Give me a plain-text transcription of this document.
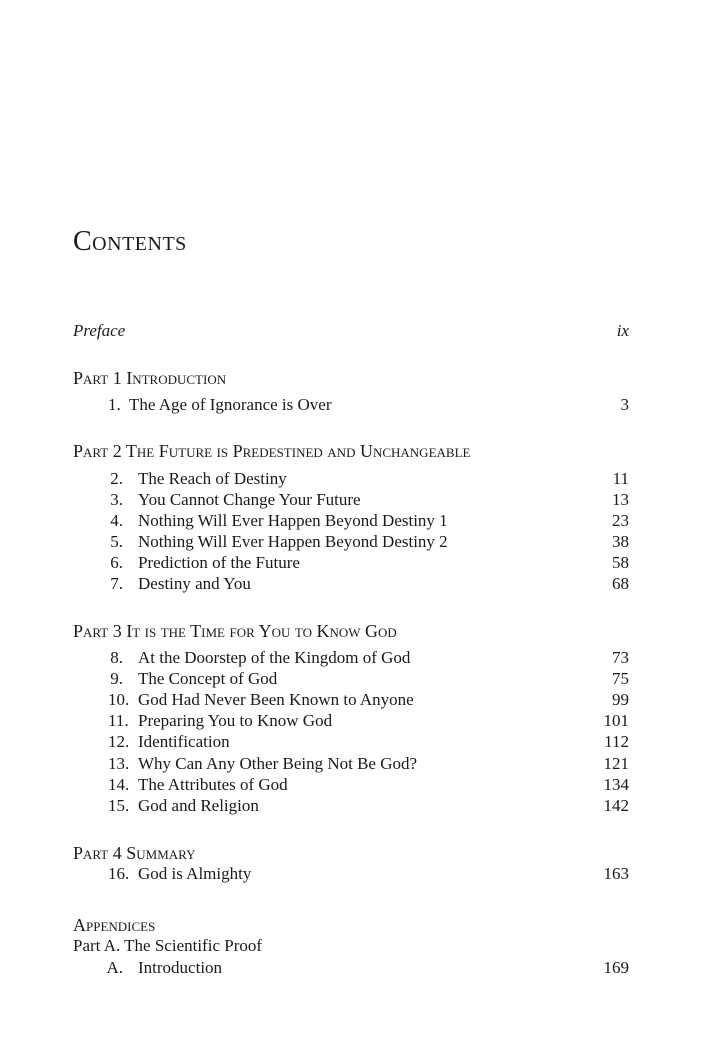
Contents
Preface	ix
Part 1 Introduction
1. The Age of Ignorance is Over	3
Part 2 The Future is Predestined and Unchangeable
2. The Reach of Destiny	11
3. You Cannot Change Your Future	13
4. Nothing Will Ever Happen Beyond Destiny 1	23
5. Nothing Will Ever Happen Beyond Destiny 2	38
6. Prediction of the Future	58
7. Destiny and You	68
Part 3 It is the Time for You to Know God
8. At the Doorstep of the Kingdom of God	73
9. The Concept of God	75
10. God Had Never Been Known to Anyone	99
11. Preparing You to Know God	101
12. Identification	112
13. Why Can Any Other Being Not Be God?	121
14. The Attributes of God	134
15. God and Religion	142
Part 4 Summary
16. God is Almighty	163
Appendices
Part A. The Scientific Proof
A. Introduction	169
